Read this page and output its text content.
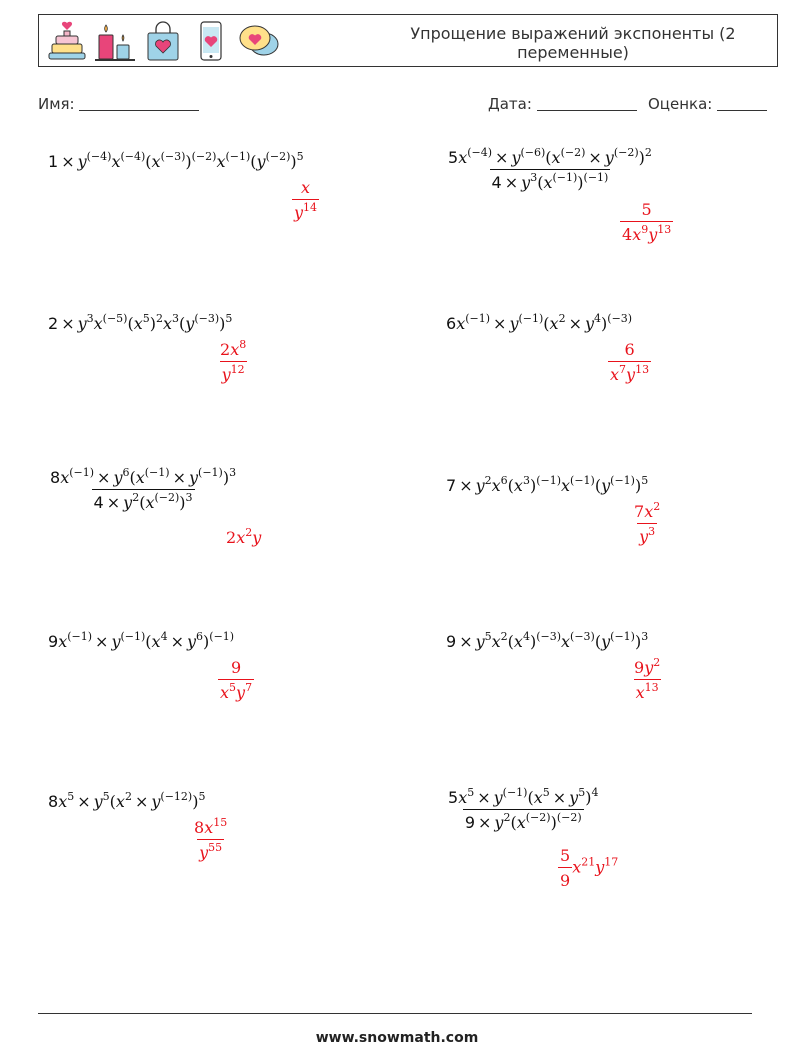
Упрощение выражений экспоненты (2 переменные)
Имя:	Дата:	Оценка:
$1 \times y^{(-4)}x^{(-4)}(x^{(-3)})^{(-2)}x^{(-1)}(y^{(-2)})^5$
$\frac{x}{y^{14}}$
$\frac{5x^{(-4)} \times y^{(-6)}(x^{(-2)} \times y^{(-2)})^2}{4 \times y^3(x^{(-1)})^{(-1)}}$
$\frac{5}{4x^9y^{13}}$
$2 \times y^3x^{(-5)}(x^5)^2x^3(y^{(-3)})^5$
$\frac{2x^8}{y^{12}}$
$6x^{(-1)} \times y^{(-1)}(x^2 \times y^4)^{(-3)}$
$\frac{6}{x^7y^{13}}$
$\frac{8x^{(-1)} \times y^6(x^{(-1)} \times y^{(-1)})^3}{4 \times y^2(x^{(-2)})^3}$
$2x^2y$
$7 \times y^2x^6(x^3)^{(-1)}x^{(-1)}(y^{(-1)})^5$
$\frac{7x^2}{y^3}$
$9x^{(-1)} \times y^{(-1)}(x^4 \times y^6)^{(-1)}$
$\frac{9}{x^5y^7}$
$9 \times y^5x^2(x^4)^{(-3)}x^{(-3)}(y^{(-1)})^3$
$\frac{9y^2}{x^{13}}$
$8x^5 \times y^5(x^2 \times y^{(-12)})^5$
$\frac{8x^{15}}{y^{55}}$
$\frac{5x^5 \times y^{(-1)}(x^5 \times y^5)^4}{9 \times y^2(x^{(-2)})^{(-2)}}$
$\frac{5}{9} x^{21}y^{17}$
www.snowmath.com
